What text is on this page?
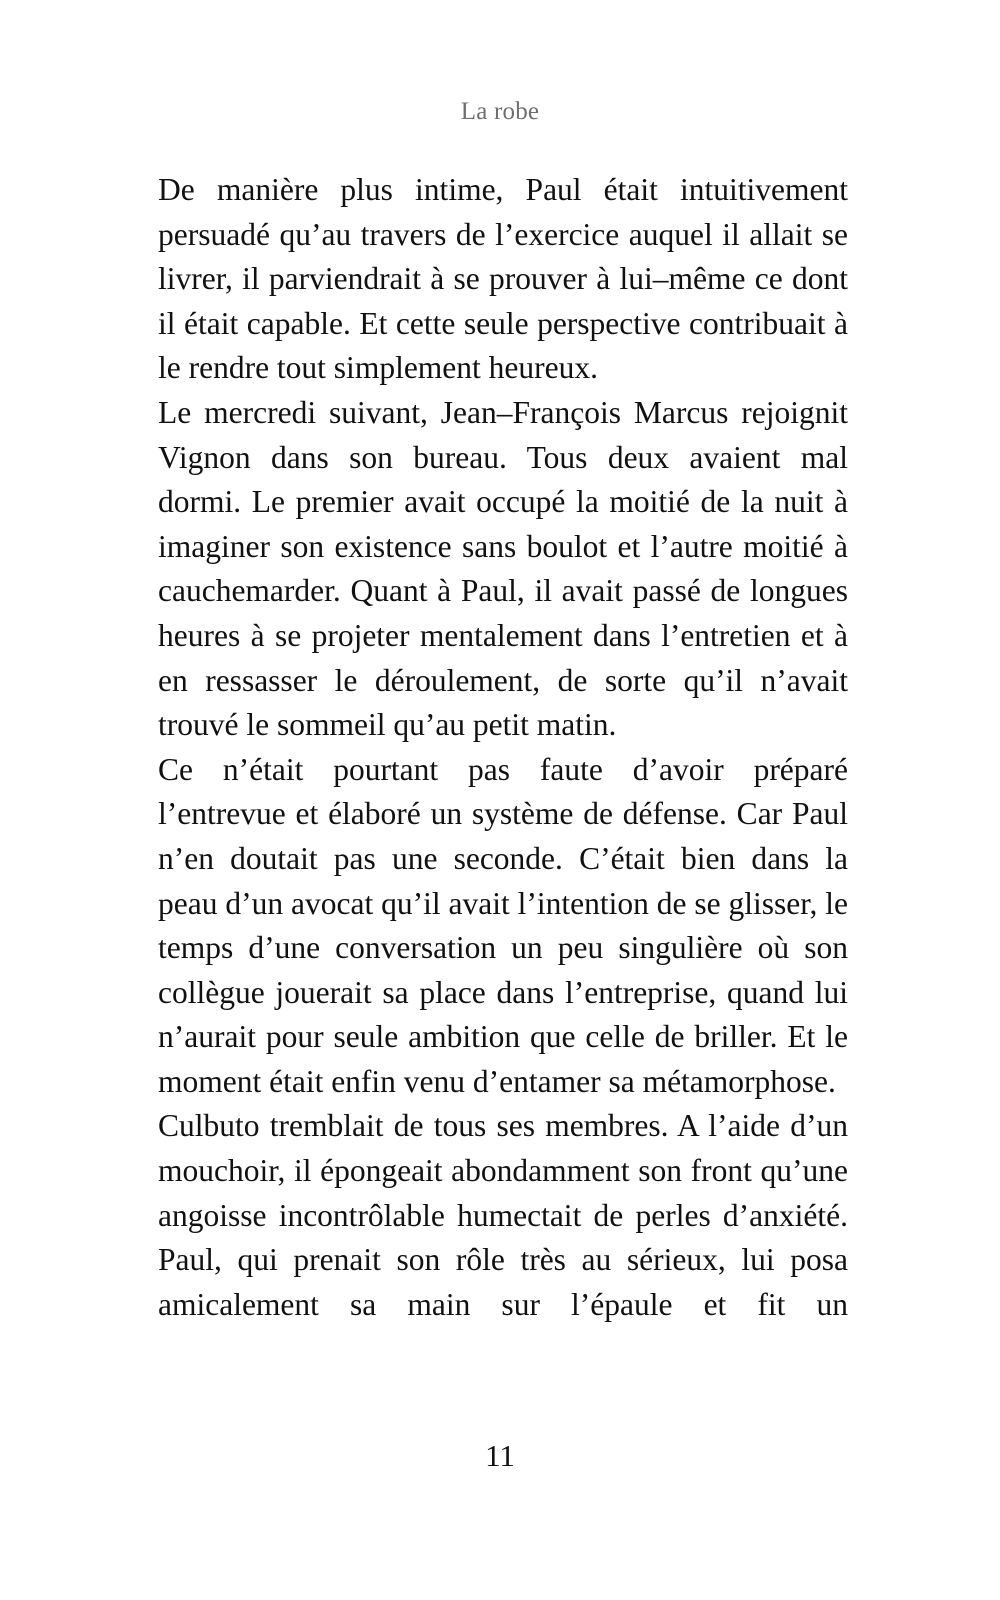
La robe

De manière plus intime, Paul était intuitivement persuadé qu’au travers de l’exercice auquel il allait se livrer, il parviendrait à se prouver à lui–même ce dont il était capable. Et cette seule perspective contribuait à le rendre tout simplement heureux.

Le mercredi suivant, Jean–François Marcus rejoignit Vignon dans son bureau. Tous deux avaient mal dormi. Le premier avait occupé la moitié de la nuit à imaginer son existence sans boulot et l’autre moitié à cauchemarder. Quant à Paul, il avait passé de longues heures à se projeter mentalement dans l’entretien et à en ressasser le déroulement, de sorte qu’il n’avait trouvé le sommeil qu’au petit matin.

Ce n’était pourtant pas faute d’avoir préparé l’entrevue et élaboré un système de défense. Car Paul n’en doutait pas une seconde. C’était bien dans la peau d’un avocat qu’il avait l’intention de se glisser, le temps d’une conversation un peu singulière où son collègue jouerait sa place dans l’entreprise, quand lui n’aurait pour seule ambition que celle de briller. Et le moment était enfin venu d’entamer sa métamorphose.

Culbuto tremblait de tous ses membres. A l’aide d’un mouchoir, il épongeait abondamment son front qu’une angoisse incontrôlable humectait de perles d’anxiété. Paul, qui prenait son rôle très au sérieux, lui posa amicalement sa main sur l’épaule et fit un

11
